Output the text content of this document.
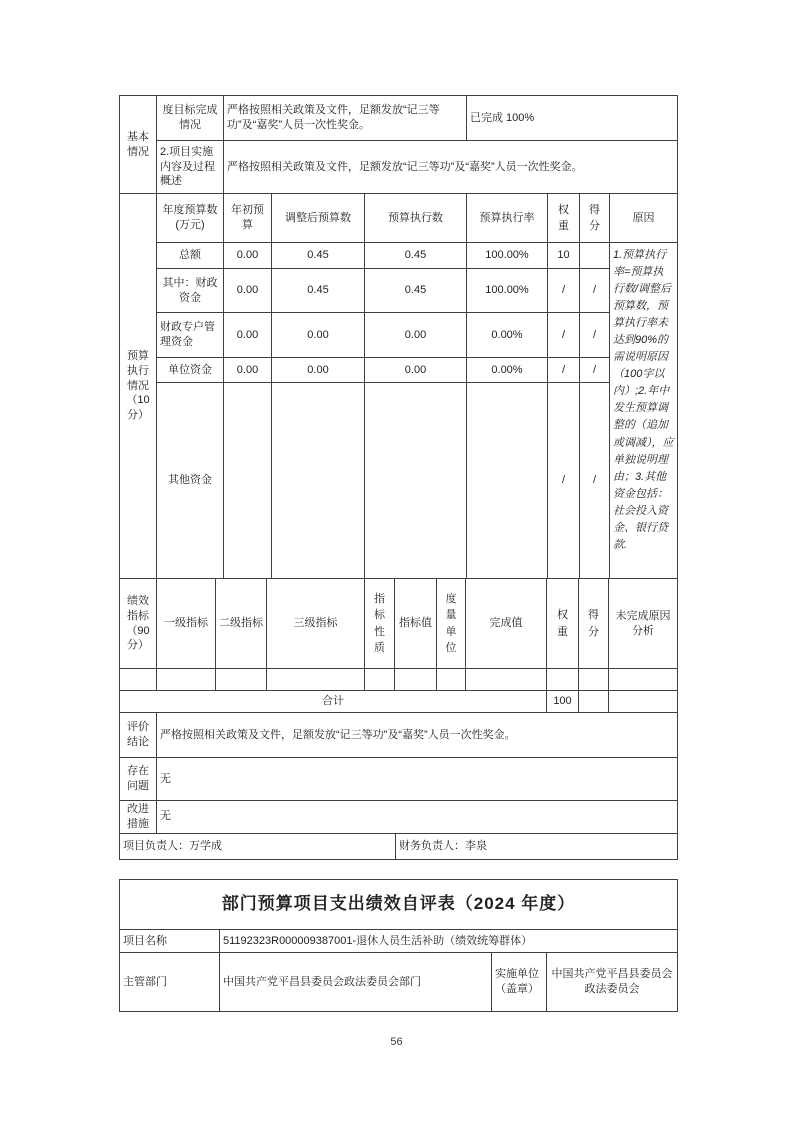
基本情况	度目标完成情况	严格按照相关政策及文件，足额发放“记三等功”及“嘉奖”人员一次性奖金。	已完成 100%
	2.项目实施内容及过程概述	严格按照相关政策及文件，足额发放“记三等功”及“嘉奖”人员一次性奖金。	
预算执行情况（10分）	年度预算数(万元)	年初预算	调整后预算数	预算执行数	预算执行率	权重	得分	原因
	总额	0.00	0.45	0.45	100.00%	10		1.预算执行率=预算执行数/调整后预算数，预算执行率未达到90%的需说明原因（100字以内）;2.年中发生预算调整的（追加或调减），应单独说明理由；3.其他资金包括：社会投入资金、银行贷款.
	其中：财政资金	0.00	0.45	0.45	100.00%	/	/	
	财政专户管理资金	0.00	0.00	0.00	0.00%	/	/	
	单位资金	0.00	0.00	0.00	0.00%	/	/	
	其他资金					/	/	
绩效指标（90分）	一级指标	二级指标	三级指标	指标性质	指标值	度量单位	完成值	权重	得分	未完成原因分析

合计								100		
评价结论	严格按照相关政策及文件，足额发放“记三等功”及“嘉奖”人员一次性奖金。	
存在问题	无	
改进措施	无	
项目负责人：万学成		财务负责人：李泉
部门预算项目支出绩效自评表（2024 年度）			
项目名称	51192323R000009387001-退休人员生活补助（绩效统筹群体）		
主管部门	中国共产党平昌县委员会政法委员会部门	实施单位（盖章）	中国共产党平昌县委员会政法委员会
56
